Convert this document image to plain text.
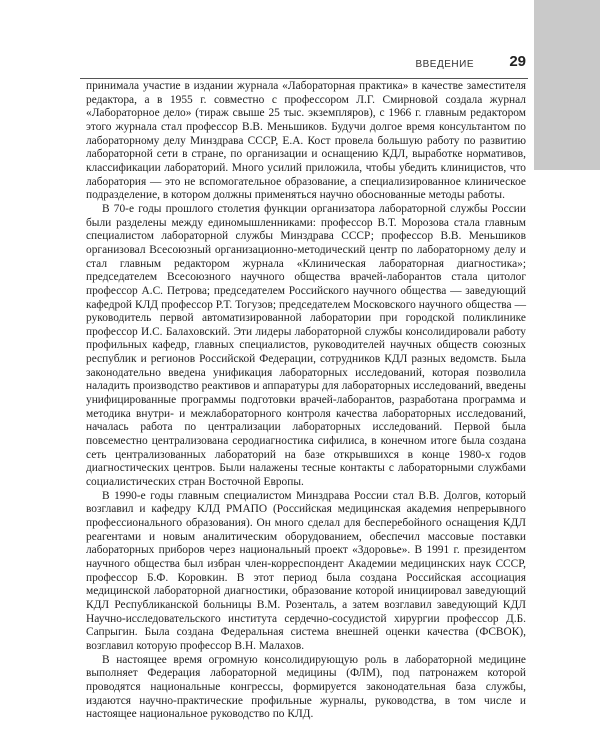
ВВЕДЕНИЕ 29

принимала участие в издании журнала «Лабораторная практика» в качестве заместителя редактора, а в 1955 г. совместно с профессором Л.Г. Смирновой создала журнал «Лабораторное дело» (тираж свыше 25 тыс. экземпляров), с 1966 г. главным редактором этого журнала стал профессор В.В. Меньшиков. Будучи долгое время консультантом по лабораторному делу Минздрава СССР, Е.А. Кост провела большую работу по развитию лабораторной сети в стране, по организации и оснащению КДЛ, выработке нормативов, классификации лабораторий. Много усилий приложила, чтобы убедить клиницистов, что лаборатория — это не вспомогательное образование, а специализированное клиническое подразделение, в котором должны применяться научно обоснованные методы работы.

В 70-е годы прошлого столетия функции организатора лабораторной службы России были разделены между единомышленниками: профессор В.Т. Морозова стала главным специалистом лабораторной службы Минздрава СССР; профессор В.В. Меньшиков организовал Всесоюзный организационно-методический центр по лабораторному делу и стал главным редактором журнала «Клиническая лабораторная диагностика»; председателем Всесоюзного научного общества врачей-лаборантов стала цитолог профессор А.С. Петрова; председателем Российского научного общества — заведующий кафедрой КЛД профессор Р.Т. Тогузов; председателем Московского научного общества — руководитель первой автоматизированной лаборатории при городской поликлинике профессор И.С. Балаховский. Эти лидеры лабораторной службы консолидировали работу профильных кафедр, главных специалистов, руководителей научных обществ союзных республик и регионов Российской Федерации, сотрудников КДЛ разных ведомств. Была законодательно введена унификация лабораторных исследований, которая позволила наладить производство реактивов и аппаратуры для лабораторных исследований, введены унифицированные программы подготовки врачей-лаборантов, разработана программа и методика внутри- и межлабораторного контроля качества лабораторных исследований, началась работа по централизации лабораторных исследований. Первой была повсеместно централизована серодиагностика сифилиса, в конечном итоге была создана сеть централизованных лабораторий на базе открывшихся в конце 1980-х годов диагностических центров. Были налажены тесные контакты с лабораторными службами социалистических стран Восточной Европы.

В 1990-е годы главным специалистом Минздрава России стал В.В. Долгов, который возглавил и кафедру КЛД РМАПО (Российская медицинская академия непрерывного профессионального образования). Он много сделал для бесперебойного оснащения КДЛ реагентами и новым аналитическим оборудованием, обеспечил массовые поставки лабораторных приборов через национальный проект «Здоровье». В 1991 г. президентом научного общества был избран член-корреспондент Академии медицинских наук СССР, профессор Б.Ф. Коровкин. В этот период была создана Российская ассоциация медицинской лабораторной диагностики, образование которой инициировал заведующий КДЛ Республиканской больницы В.М. Розенталь, а затем возглавил заведующий КДЛ Научно-исследовательского института сердечно-сосудистой хирургии профессор Д.Б. Сапрыгин. Была создана Федеральная система внешней оценки качества (ФСВОК), возглавил которую профессор В.Н. Малахов.

В настоящее время огромную консолидирующую роль в лабораторной медицине выполняет Федерация лабораторной медицины (ФЛМ), под патронажем которой проводятся национальные конгрессы, формируется законодательная база службы, издаются научно-практические профильные журналы, руководства, в том числе и настоящее национальное руководство по КЛД.
